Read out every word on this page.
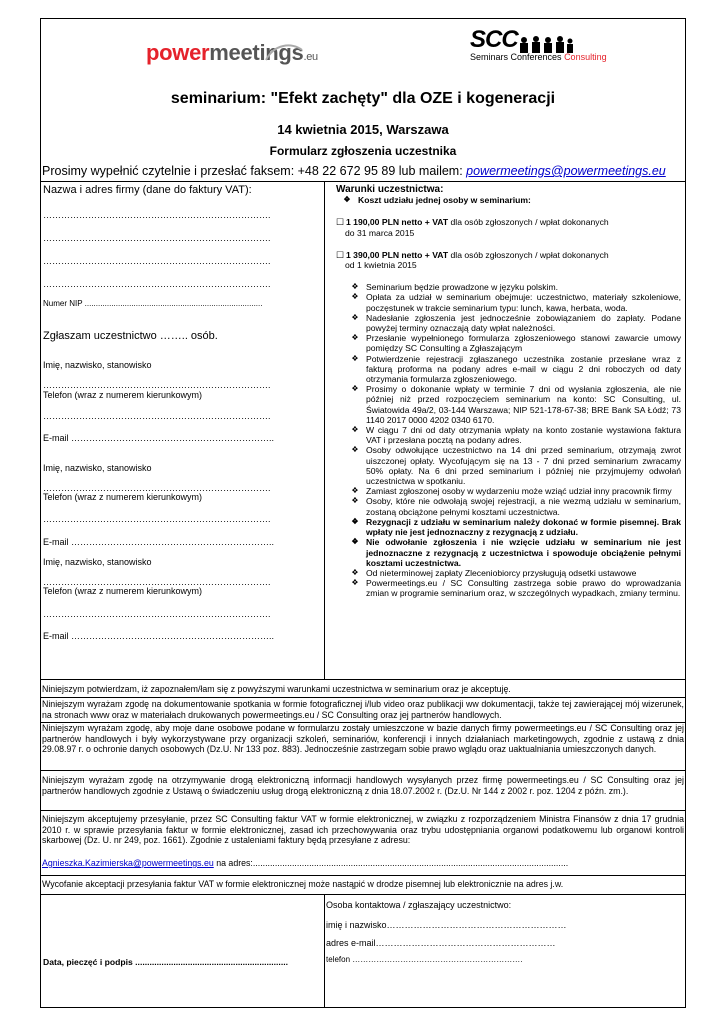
powermeetings.eu
SCC
Seminars Conferences Consulting
seminarium: "Efekt zachęty" dla OZE i kogeneracji
14 kwietnia 2015, Warszawa
Formularz zgłoszenia uczestnika
Prosimy wypełnić czytelnie i przesłać faksem: +48 22 672 95 89 lub mailem: powermeetings@powermeetings.eu
Nazwa i adres firmy (dane do faktury VAT):
………………………………………………………………….
………………………………………………………………….
………………………………………………………………….
………………………………………………………………….
Numer NIP ................................................................................
Zgłaszam uczestnictwo …….. osób.
Imię, nazwisko, stanowisko
………………………………………………………………….
Telefon (wraz z numerem kierunkowym)
………………………………………………………………….
E-mail …………………………………………………………..
Imię, nazwisko, stanowisko
………………………………………………………………….
Telefon (wraz z numerem kierunkowym)
………………………………………………………………….
E-mail …………………………………………………………..
Imię, nazwisko, stanowisko
………………………………………………………………….
Telefon (wraz z numerem kierunkowym)
………………………………………………………………….
E-mail …………………………………………………………..
Warunki uczestnictwa:
❖ Koszt udziału jednej osoby w seminarium:
☐ 1 190,00 PLN netto + VAT dla osób zgłoszonych / wpłat dokonanych
do 31 marca 2015
☐ 1 390,00 PLN netto + VAT dla osób zgłoszonych / wpłat dokonanych
od 1 kwietnia 2015
❖ Seminarium będzie prowadzone w języku polskim.
❖ Opłata za udział w seminarium obejmuje: uczestnictwo, materiały szkoleniowe, poczęstunek w trakcie seminarium typu: lunch, kawa, herbata, woda.
❖ Nadesłanie zgłoszenia jest jednocześnie zobowiązaniem do zapłaty. Podane powyżej terminy oznaczają daty wpłat należności.
❖ Przesłanie wypełnionego formularza zgłoszeniowego stanowi zawarcie umowy pomiędzy SC Consulting a Zgłaszającym
❖ Potwierdzenie rejestracji zgłaszanego uczestnika zostanie przesłane wraz z fakturą proforma na podany adres e-mail w ciągu 2 dni roboczych od daty otrzymania formularza zgłoszeniowego.
❖ Prosimy o dokonanie wpłaty w terminie 7 dni od wysłania zgłoszenia, ale nie później niż przed rozpoczęciem seminarium na konto: SC Consulting, ul. Światowida 49a/2, 03-144 Warszawa; NIP 521-178-67-38; BRE Bank SA Łódź; 73 1140 2017 0000 4202 0340 6170.
❖ W ciągu 7 dni od daty otrzymania wpłaty na konto zostanie wystawiona faktura VAT i przesłana pocztą na podany adres.
❖ Osoby odwołujące uczestnictwo na 14 dni przed seminarium, otrzymają zwrot uiszczonej opłaty. Wycofującym się na 13 - 7 dni przed seminarium zwracamy 50% opłaty. Na 6 dni przed seminarium i później nie przyjmujemy odwołań uczestnictwa w spotkaniu.
❖ Zamiast zgłoszonej osoby w wydarzeniu może wziąć udział inny pracownik firmy
❖ Osoby, które nie odwołają swojej rejestracji, a nie wezmą udziału w seminarium, zostaną obciążone pełnymi kosztami uczestnictwa.
❖ Rezygnacji z udziału w seminarium należy dokonać w formie pisemnej. Brak wpłaty nie jest jednoznaczny z rezygnacją z udziału.
❖ Nie odwołanie zgłoszenia i nie wzięcie udziału w seminarium nie jest jednoznaczne z rezygnacją z uczestnictwa i spowoduje obciążenie pełnymi kosztami uczestnictwa.
❖ Od nieterminowej zapłaty Zleceniobiorcy przysługują odsetki ustawowe
❖ Powermeetings.eu / SC Consulting zastrzega sobie prawo do wprowadzania zmian w programie seminarium oraz, w szczególnych wypadkach, zmiany terminu.
Niniejszym potwierdzam, iż zapoznałem/łam się z powyższymi warunkami uczestnictwa w seminarium oraz je akceptuję.
Niniejszym wyrażam zgodę na dokumentowanie spotkania w formie fotograficznej i/lub video oraz publikacji ww dokumentacji, także tej zawierającej mój wizerunek, na stronach www oraz w materiałach drukowanych powermeetings.eu / SC Consulting oraz jej partnerów handlowych.
Niniejszym wyrażam zgodę, aby moje dane osobowe podane w formularzu zostały umieszczone w bazie danych firmy powermeetings.eu / SC Consulting oraz jej partnerów handlowych i były wykorzystywane przy organizacji szkoleń, seminariów, konferencji i innych działaniach marketingowych, zgodnie z ustawą z dnia 29.08.97 r. o ochronie danych osobowych (Dz.U. Nr 133 poz. 883). Jednocześnie zastrzegam sobie prawo wglądu oraz uaktualniania umieszczonych danych.
Niniejszym wyrażam zgodę na otrzymywanie drogą elektroniczną informacji handlowych wysyłanych przez firmę powermeetings.eu / SC Consulting oraz jej partnerów handlowych zgodnie z Ustawą o świadczeniu usług drogą elektroniczną z dnia 18.07.2002 r. (Dz.U. Nr 144 z 2002 r. poz. 1204 z późn. zm.).
Niniejszym akceptujemy przesyłanie, przez SC Consulting faktur VAT w formie elektronicznej, w związku z rozporządzeniem Ministra Finansów z dnia 17 grudnia 2010 r. w sprawie przesyłania faktur w formie elektronicznej, zasad ich przechowywania oraz trybu udostępniania organowi podatkowemu lub organowi kontroli skarbowej (Dz. U. nr 249, poz. 1661). Zgodnie z ustaleniami faktury będą przesyłane z adresu:
Agnieszka.Kazimierska@powermeetings.eu na adres:.................................................................................................................................
Wycofanie akceptacji przesyłania faktur VAT w formie elektronicznej może nastąpić w drodze pisemnej lub elektronicznie na adres j.w.
Osoba kontaktowa / zgłaszający uczestnictwo:
imię i nazwisko……………………………………………………
adres e-mail……………………………………………………
telefon ……………………………………………………….
Data, pieczęć i podpis ................................................................
